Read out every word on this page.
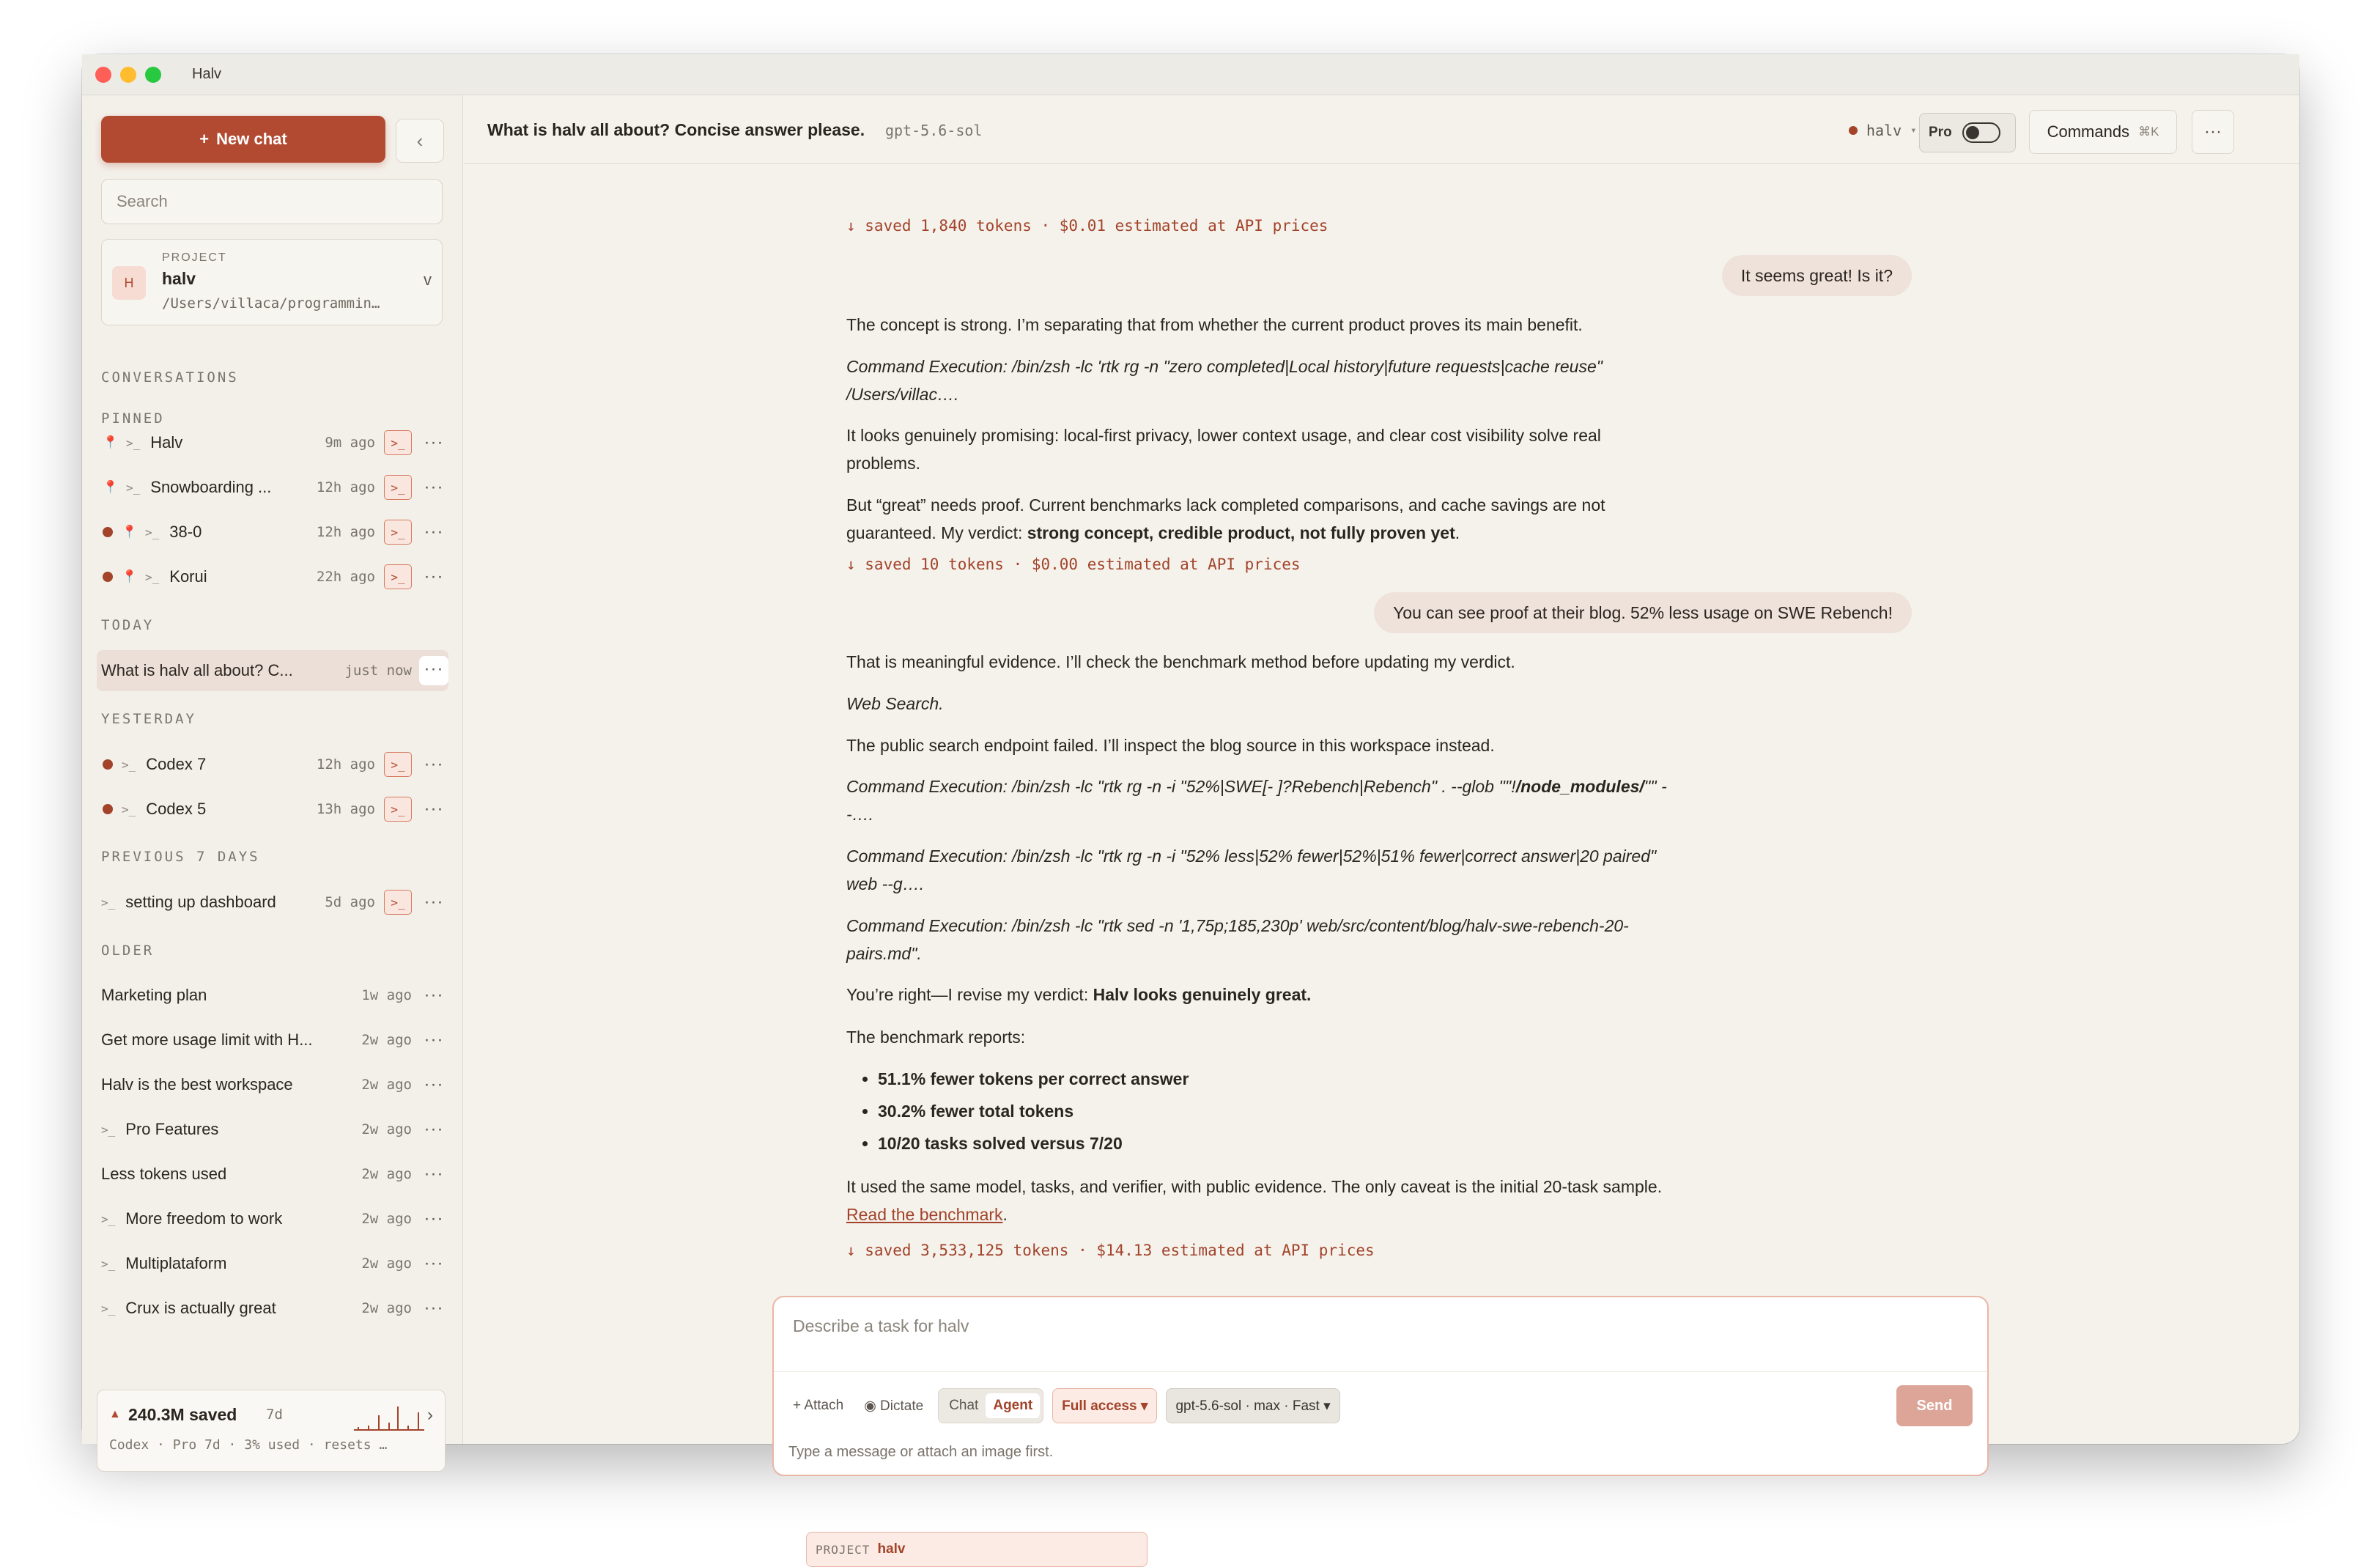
Halv
+ New chat	‹
Search
H
PROJECT
halv
/Users/villaca/programmin…
v
CONVERSATIONS
PINNED
📍 >_ Halv	9m ago	>_	···
📍 >_ Snowboarding ...	12h ago	>_	···
📍 >_ 38-0	12h ago	>_	···
📍 >_ Korui	22h ago	>_	···
TODAY
What is halv all about? C...	just now ···
YESTERDAY
>_ Codex 7	12h ago	>_	···
>_ Codex 5	13h ago	>_	···
PREVIOUS 7 DAYS
>_ setting up dashboard	5d ago	>_	···
OLDER
Marketing plan	1w ago ···
Get more usage limit with H...	2w ago ···
Halv is the best workspace	2w ago ···
>_ Pro Features	2w ago ···
Less tokens used	2w ago ···
>_ More freedom to work	2w ago ···
>_ Multiplataform	2w ago ···
>_ Crux is actually great	2w ago ···
▲ 240.3M saved 7d	›
Codex · Pro 7d · 3% used · resets …
What is halv all about? Concise answer please. gpt-5.6-sol	halv ▾ Pro	Commands ⌘K	···
↓ saved 1,840 tokens · $0.01 estimated at API prices
It seems great! Is it?
The concept is strong. I’m separating that from whether the current product proves its main benefit.
Command Execution: /bin/zsh -lc 'rtk rg -n "zero completed|Local history|future requests|cache reuse" /Users/villac….
It looks genuinely promising: local-first privacy, lower context usage, and clear cost visibility solve real problems.
But “great” needs proof. Current benchmarks lack completed comparisons, and cache savings are not guaranteed. My verdict: strong concept, credible product, not fully proven yet.
↓ saved 10 tokens · $0.00 estimated at API prices
You can see proof at their blog. 52% less usage on SWE Rebench!
That is meaningful evidence. I’ll check the benchmark method before updating my verdict.
Web Search.
The public search endpoint failed. I’ll inspect the blog source in this workspace instead.
Command Execution: /bin/zsh -lc "rtk rg -n -i "52%|SWE[- ]?Rebench|Rebench" . --glob '"'!/node_modules/'"' --….
Command Execution: /bin/zsh -lc "rtk rg -n -i "52% less|52% fewer|52%|51% fewer|correct answer|20 paired" web --g….
Command Execution: /bin/zsh -lc "rtk sed -n '1,75p;185,230p' web/src/content/blog/halv-swe-rebench-20-pairs.md".
You’re right—I revise my verdict: Halv looks genuinely great.
The benchmark reports:
• 51.1% fewer tokens per correct answer
• 30.2% fewer total tokens
• 10/20 tasks solved versus 7/20
It used the same model, tasks, and verifier, with public evidence. The only caveat is the initial 20-task sample. Read the benchmark.
↓ saved 3,533,125 tokens · $14.13 estimated at API prices
Describe a task for halv
+ Attach	◉ Dictate
PROJECT halv
Chat	Agent	Full access ▾	gpt-5.6-sol · max · Fast ▾	Send
Type a message or attach an image first.
